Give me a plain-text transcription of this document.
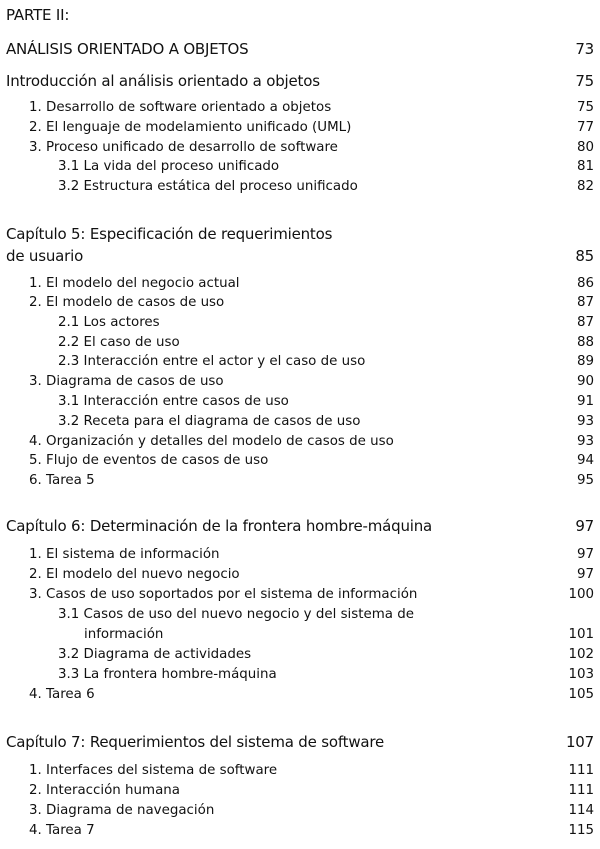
PARTE II:
ANÁLISIS ORIENTADO A OBJETOS	73
Introducción al análisis orientado a objetos	75
1. Desarrollo de software orientado a objetos	75
2. El lenguaje de modelamiento unificado (UML)	77
3. Proceso unificado de desarrollo de software	80
3.1 La vida del proceso unificado	81
3.2 Estructura estática del proceso unificado	82
Capítulo 5: Especificación de requerimientos
de usuario	85
1. El modelo del negocio actual	86
2. El modelo de casos de uso	87
2.1 Los actores	87
2.2 El caso de uso	88
2.3 Interacción entre el actor y el caso de uso	89
3. Diagrama de casos de uso	90
3.1 Interacción entre casos de uso	91
3.2 Receta para el diagrama de casos de uso	93
4. Organización y detalles del modelo de casos de uso	93
5. Flujo de eventos de casos de uso	94
6. Tarea 5	95
Capítulo 6: Determinación de la frontera hombre-máquina	97
1. El sistema de información	97
2. El modelo del nuevo negocio	97
3. Casos de uso soportados por el sistema de información	100
3.1 Casos de uso del nuevo negocio y del sistema de
información	101
3.2 Diagrama de actividades	102
3.3 La frontera hombre-máquina	103
4. Tarea 6	105
Capítulo 7: Requerimientos del sistema de software	107
1. Interfaces del sistema de software	111
2. Interacción humana	111
3. Diagrama de navegación	114
4. Tarea 7	115
